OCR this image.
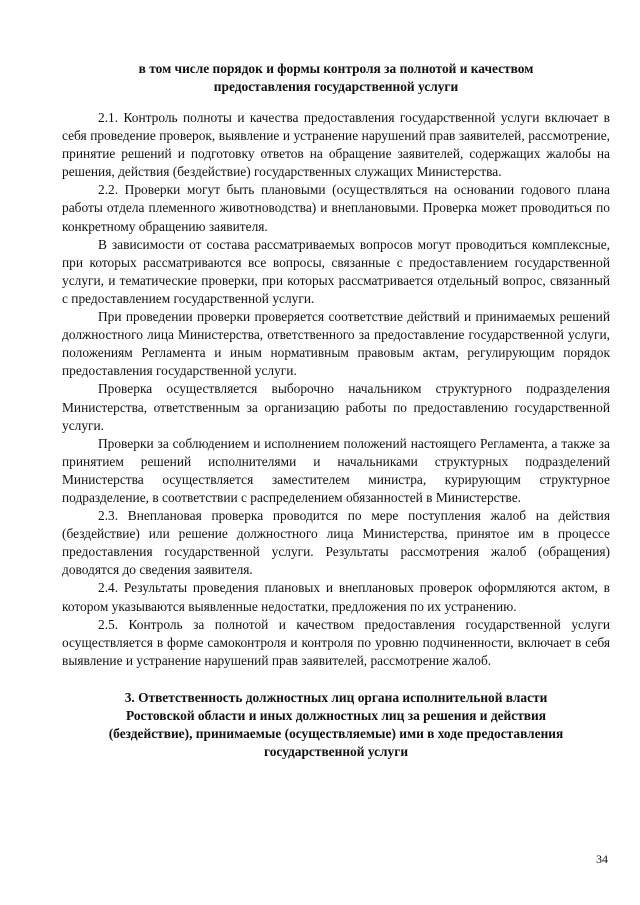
в том числе порядок и формы контроля за полнотой и качеством
предоставления государственной услуги

2.1. Контроль полноты и качества предоставления государственной услуги включает в себя проведение проверок, выявление и устранение нарушений прав заявителей, рассмотрение, принятие решений и подготовку ответов на обращение заявителей, содержащих жалобы на решения, действия (бездействие) государственных служащих Министерства.

2.2. Проверки могут быть плановыми (осуществляться на основании годового плана работы отдела племенного животноводства) и внеплановыми. Проверка может проводиться по конкретному обращению заявителя.

В зависимости от состава рассматриваемых вопросов могут проводиться комплексные, при которых рассматриваются все вопросы, связанные с предоставлением государственной услуги, и тематические проверки, при которых рассматривается отдельный вопрос, связанный с предоставлением государственной услуги.

При проведении проверки проверяется соответствие действий и принимаемых решений должностного лица Министерства, ответственного за предоставление государственной услуги, положениям Регламента и иным нормативным правовым актам, регулирующим порядок предоставления государственной услуги.

Проверка осуществляется выборочно начальником структурного подразделения Министерства, ответственным за организацию работы по предоставлению государственной услуги.

Проверки за соблюдением и исполнением положений настоящего Регламента, а также за принятием решений исполнителями и начальниками структурных подразделений Министерства осуществляется заместителем министра, курирующим структурное подразделение, в соответствии с распределением обязанностей в Министерстве.

2.3. Внеплановая проверка проводится по мере поступления жалоб на действия (бездействие) или решение должностного лица Министерства, принятое им в процессе предоставления государственной услуги. Результаты рассмотрения жалоб (обращения) доводятся до сведения заявителя.

2.4. Результаты проведения плановых и внеплановых проверок оформляются актом, в котором указываются выявленные недостатки, предложения по их устранению.

2.5. Контроль за полнотой и качеством предоставления государственной услуги осуществляется в форме самоконтроля и контроля по уровню подчиненности, включает в себя выявление и устранение нарушений прав заявителей, рассмотрение жалоб.

3. Ответственность должностных лиц органа исполнительной власти
Ростовской области и иных должностных лиц за решения и действия
(бездействие), принимаемые (осуществляемые) ими в ходе предоставления
государственной услуги
34
